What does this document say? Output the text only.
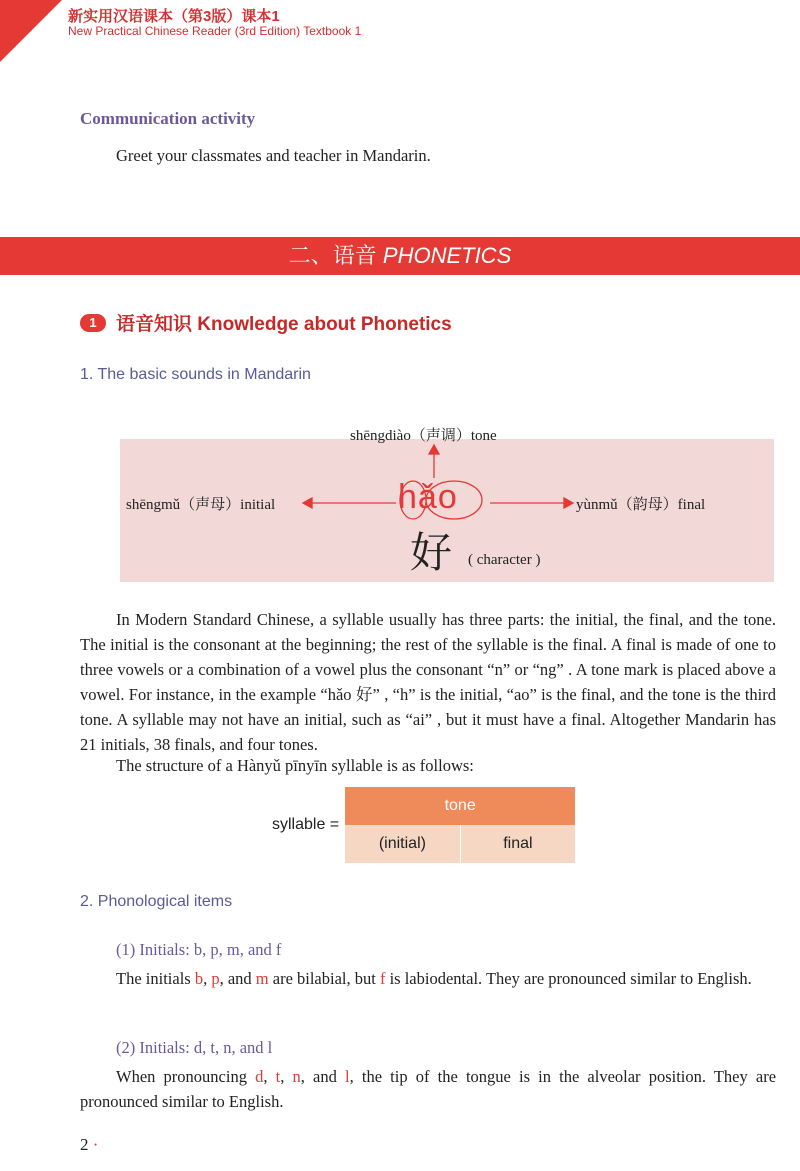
新实用汉语课本（第3版）课本1
New Practical Chinese Reader (3rd Edition) Textbook 1
Communication activity
Greet your classmates and teacher in Mandarin.
二、语音 PHONETICS
1	语音知识 Knowledge about Phonetics
1. The basic sounds in Mandarin
shēngdiào（声调）tone
shēngmǔ（声母）initial	yùnmǔ（韵母）final
hǎo
好 ( character )
In Modern Standard Chinese, a syllable usually has three parts: the initial, the final, and the tone. The initial is the consonant at the beginning; the rest of the syllable is the final. A final is made of one to three vowels or a combination of a vowel plus the consonant “n” or “ng” . A tone mark is placed above a vowel. For instance, in the example “hǎo 好” , “h” is the initial, “ao” is the final, and the tone is the third tone. A syllable may not have an initial, such as “ai” , but it must have a final. Altogether Mandarin has 21 initials, 38 finals, and four tones.
The structure of a Hànyǔ pīnyīn syllable is as follows:
syllable =
tone
(initial)	final
2. Phonological items
(1) Initials: b, p, m, and f
The initials b, p, and m are bilabial, but f is labiodental. They are pronounced similar to English.
(2) Initials: d, t, n, and l
When pronouncing d, t, n, and l, the tip of the tongue is in the alveolar position. They are pronounced similar to English.
2 ·
